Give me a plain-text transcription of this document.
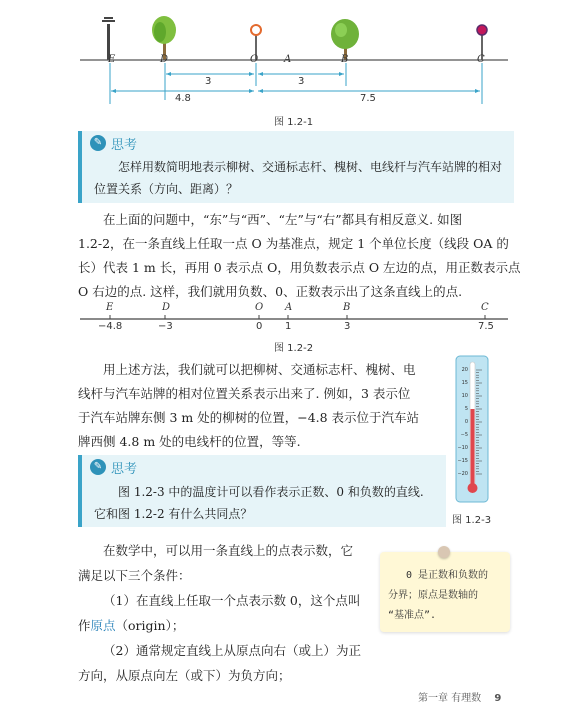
E	D	O	A	B	C
3	3
4.8	7.5
图 1.2-1
✎ 思考
怎样用数简明地表示柳树、交通标志杆、槐树、电线杆与汽车站牌的相对位置关系（方向、距离）？
在上面的问题中，“东”与“西”、“左”与“右”都具有相反意义. 如图
1.2-2，在一条直线上任取一点 O 为基准点，规定 1 个单位长度（线段 OA 的
长）代表 1 m 长，再用 0 表示点 O，用负数表示点 O 左边的点，用正数表示点
O 右边的点. 这样，我们就用负数、0、正数表示出了这条直线上的点.
E	D	O A	B	C
−4.8	−3	0 1	3	7.5
图 1.2-2
用上述方法，我们就可以把柳树、交通标志杆、槐树、电
线杆与汽车站牌的相对位置关系表示出来了. 例如，3 表示位
于汽车站牌东侧 3 m 处的柳树的位置，−4.8 表示位于汽车站
牌西侧 4.8 m 处的电线杆的位置，等等.
20
15
10
5
0
−5
−10
−15
−20
图 1.2-3
✎ 思考
图 1.2-3 中的温度计可以看作表示正数、0 和负数的直线.
它和图 1.2-2 有什么共同点？
在数学中，可以用一条直线上的点表示数，它
满足以下三个条件：
（1）在直线上任取一个点表示数 0，这个点叫
作原点（origin）；
（2）通常规定直线上从原点向右（或上）为正
方向，从原点向左（或下）为负方向；
0 是正数和负数的
分界；原点是数轴的
“基准点”.
第一章 有理数 9
